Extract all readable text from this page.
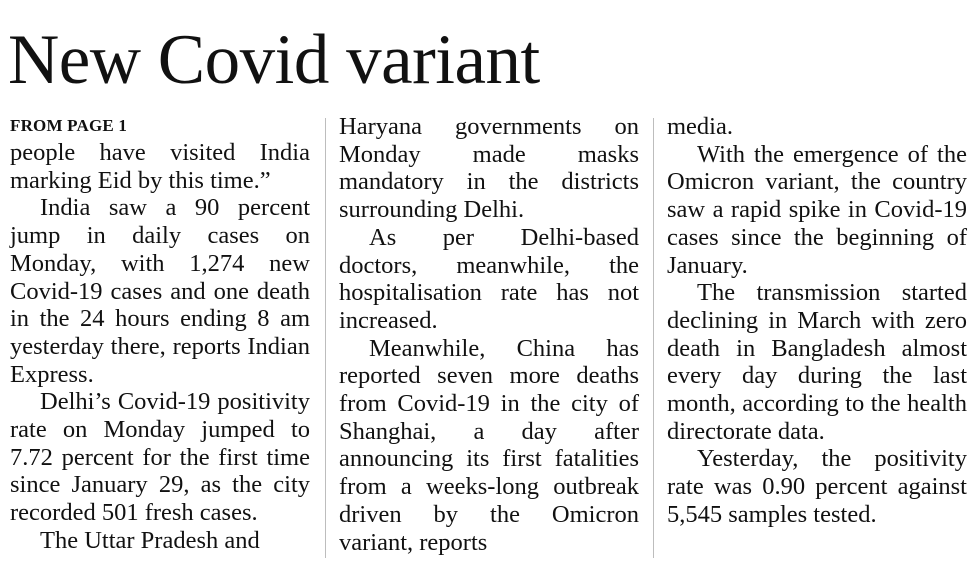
New Covid variant
FROM PAGE 1

people have visited India marking Eid by this time.”

India saw a 90 percent jump in daily cases on Monday, with 1,274 new Covid-19 cases and one death in the 24 hours ending 8 am yesterday there, reports Indian Express.

Delhi’s Covid-19 positivity rate on Monday jumped to 7.72 percent for the first time since January 29, as the city recorded 501 fresh cases.

The Uttar Pradesh and

Haryana governments on Monday made masks mandatory in the districts surrounding Delhi.

As per Delhi-based doctors, meanwhile, the hospitalisation rate has not increased.

Meanwhile, China has reported seven more deaths from Covid-19 in the city of Shanghai, a day after announcing its first fatalities from a weeks-long outbreak driven by the Omicron variant, reports

media.

With the emergence of the Omicron variant, the country saw a rapid spike in Covid-19 cases since the beginning of January.

The transmission started declining in March with zero death in Bangladesh almost every day during the last month, according to the health directorate data.

Yesterday, the positivity rate was 0.90 percent against 5,545 samples tested.
